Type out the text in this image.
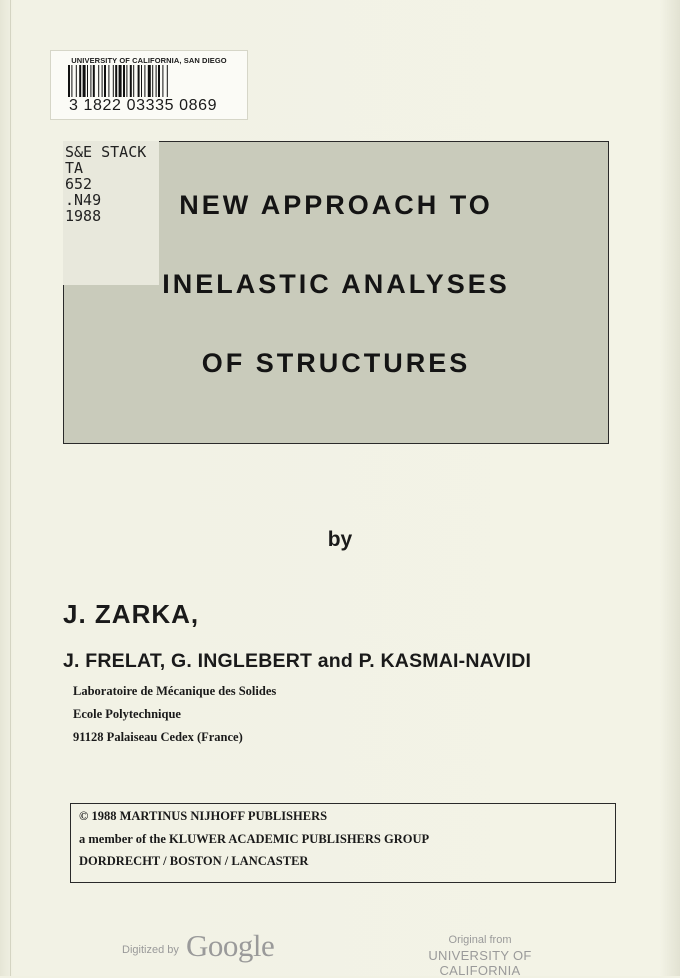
UNIVERSITY OF CALIFORNIA, SAN DIEGO
3 1822 03335 0869
S&E STACK
TA
652
.N49
1988	NEW APPROACH TO
INELASTIC ANALYSES
OF STRUCTURES
by
J. ZARKA,
J. FRELAT, G. INGLEBERT and P. KASMAI-NAVIDI
Laboratoire de Mécanique des Solides
Ecole Polytechnique
91128 Palaiseau Cedex (France)
© 1988 MARTINUS NIJHOFF PUBLISHERS
a member of the KLUWER ACADEMIC PUBLISHERS GROUP
DORDRECHT / BOSTON / LANCASTER
Digitized by Google	Original from
UNIVERSITY OF CALIFORNIA
